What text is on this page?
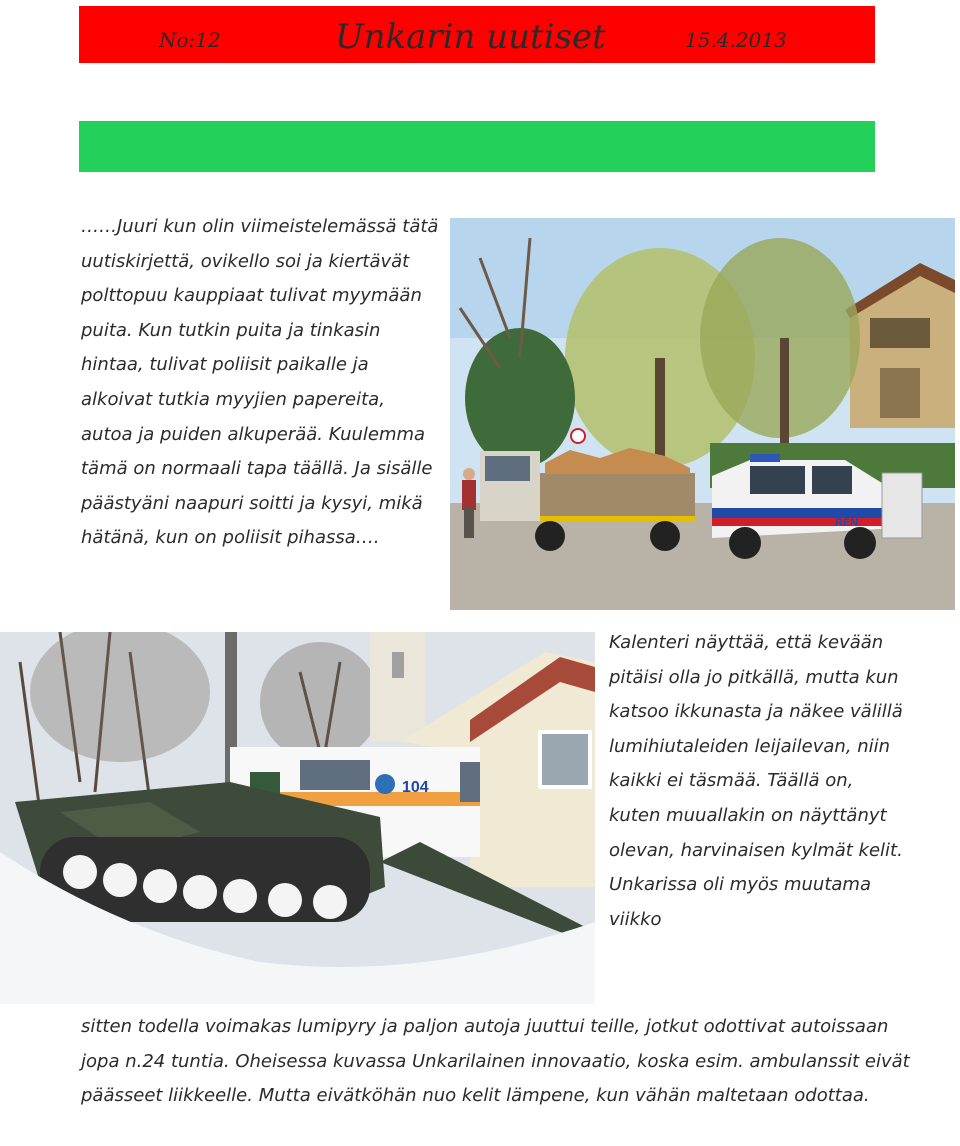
No:12	Unkarin uutiset	15.4.2013

……Juuri kun olin viimeistelemässä tätä uutiskirjettä, ovikello soi ja kiertävät polttopuu kauppiaat tulivat myymään puita. Kun tutkin puita ja tinkasin hintaa, tulivat poliisit paikalle ja alkoivat tutkia myyjien papereita, autoa ja puiden alkuperää. Kuulemma tämä on normaali tapa täällä. Ja sisälle päästyäni naapuri soitti ja kysyi, mikä hätänä, kun on poliisit pihassa….

REN
104

Kalenteri näyttää, että kevään pitäisi olla jo pitkällä, mutta kun katsoo ikkunasta ja näkee välillä lumihiutaleiden leijailevan, niin kaikki ei täsmää. Täällä on, kuten muuallakin on näyttänyt olevan, harvinaisen kylmät kelit. Unkarissa oli myös muutama viikko

sitten todella voimakas lumipyry ja paljon autoja juuttui teille, jotkut odottivat autoissaan jopa n.24 tuntia. Oheisessa kuvassa Unkarilainen innovaatio, koska esim. ambulanssit eivät päässeet liikkeelle. Mutta eivätköhän nuo kelit lämpene, kun vähän maltetaan odottaa.
